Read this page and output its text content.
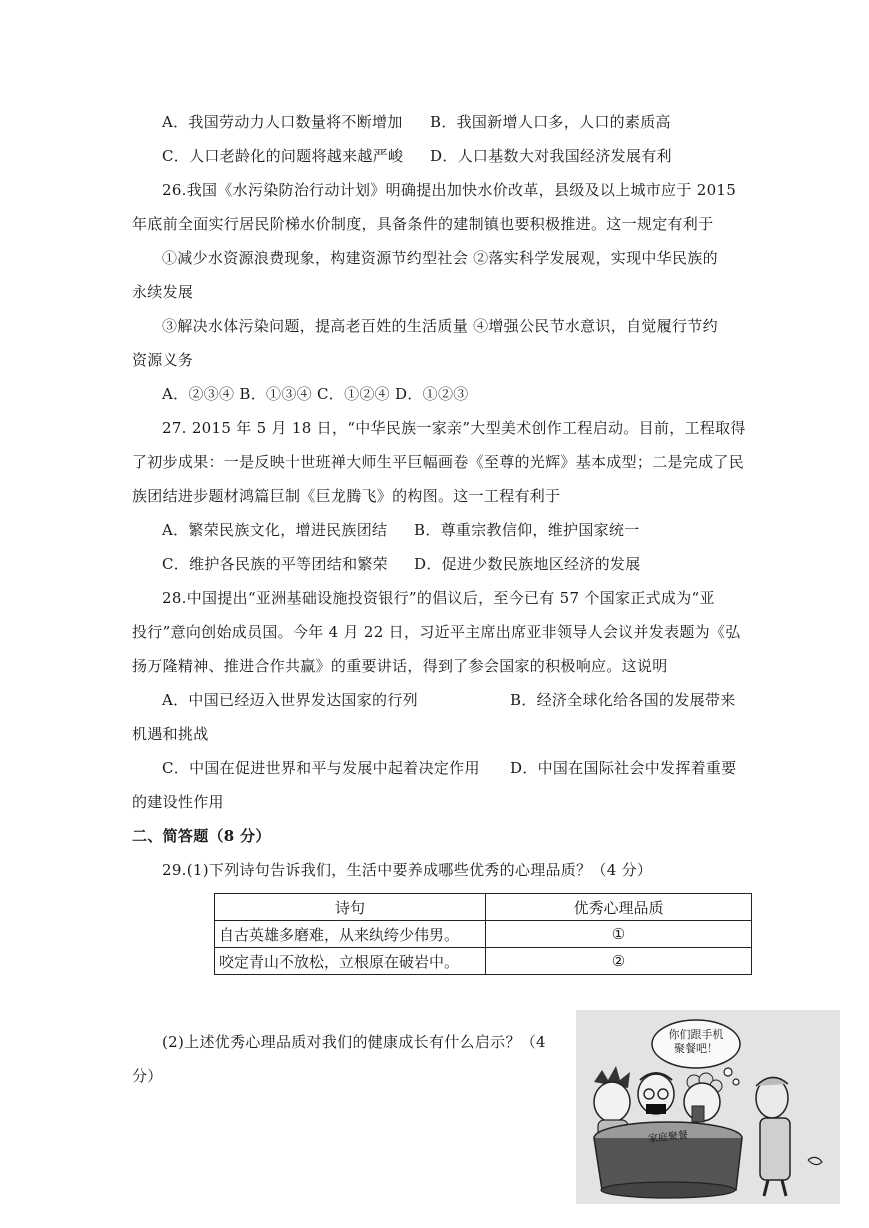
A．我国劳动力人口数量将不断增加 B．我国新增人口多，人口的素质高
C．人口老龄化的问题将越来越严峻 D．人口基数大对我国经济发展有利
26.我国《水污染防治行动计划》明确提出加快水价改革，县级及以上城市应于 2015
年底前全面实行居民阶梯水价制度，具备条件的建制镇也要积极推进。这一规定有利于
①减少水资源浪费现象，构建资源节约型社会 ②落实科学发展观，实现中华民族的
永续发展
③解决水体污染问题，提高老百姓的生活质量 ④增强公民节水意识，自觉履行节约
资源义务
A．②③④ B．①③④ C．①②④ D．①②③
27. 2015 年 5 月 18 日，“中华民族一家亲”大型美术创作工程启动。目前，工程取得
了初步成果：一是反映十世班禅大师生平巨幅画卷《至尊的光辉》基本成型；二是完成了民
族团结进步题材鸿篇巨制《巨龙腾飞》的构图。这一工程有利于
A．繁荣民族文化，增进民族团结 B．尊重宗教信仰，维护国家统一
C．维护各民族的平等团结和繁荣 D．促进少数民族地区经济的发展
28.中国提出“亚洲基础设施投资银行”的倡议后，至今已有 57 个国家正式成为“亚
投行”意向创始成员国。今年 4 月 22 日，习近平主席出席亚非领导人会议并发表题为《弘
扬万隆精神、推进合作共赢》的重要讲话，得到了参会国家的积极响应。这说明
A．中国已经迈入世界发达国家的行列	B．经济全球化给各国的发展带来
机遇和挑战
C．中国在促进世界和平与发展中起着决定作用 D．中国在国际社会中发挥着重要
的建设性作用
二、简答题（8 分）
29.(1)下列诗句告诉我们，生活中要养成哪些优秀的心理品质？（4 分）
诗句	优秀心理品质
自古英雄多磨难，从来纨绔少伟男。	①
咬定青山不放松，立根原在破岩中。	②
(2)上述优秀心理品质对我们的健康成长有什么启示？（4
分）
你们跟手机
聚餐吧！
家庭聚餐
